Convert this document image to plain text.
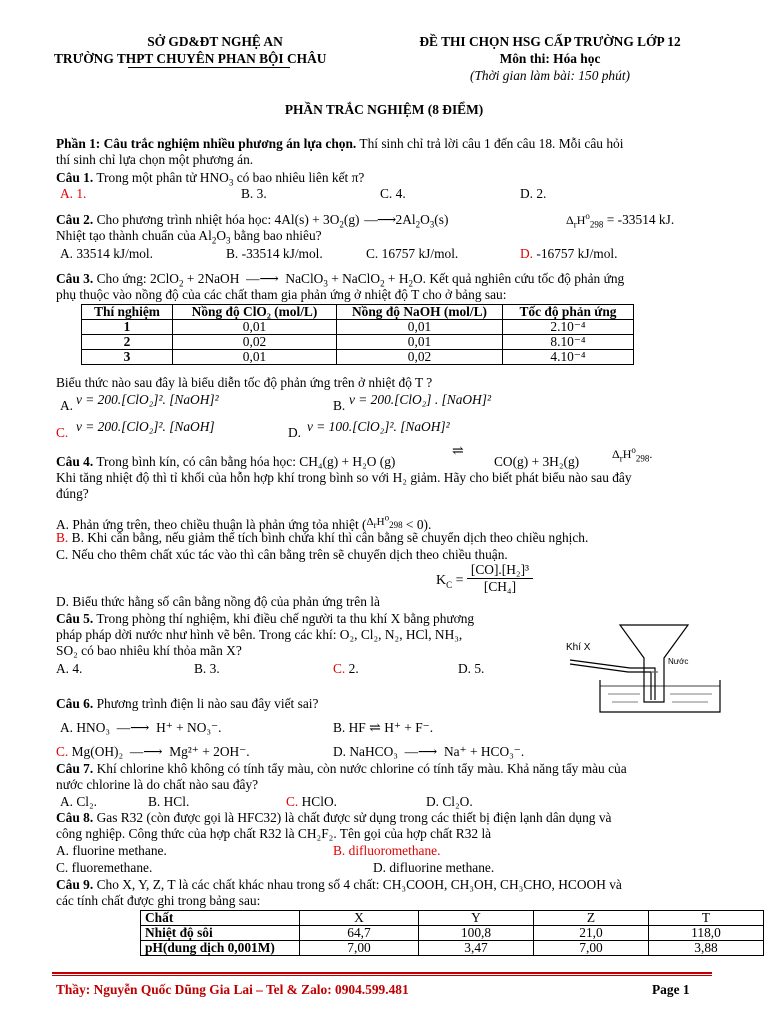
SỞ GD&ĐT NGHỆ AN
TRƯỜNG THPT CHUYÊN PHAN BỘI CHÂU
ĐỀ THI CHỌN HSG CẤP TRƯỜNG LỚP 12
Môn thi: Hóa học
(Thời gian làm bài: 150 phút)
PHẦN TRẮC NGHIỆM (8 ĐIỂM)
Phần 1: Câu trắc nghiệm nhiều phương án lựa chọn. Thí sinh chỉ trả lời câu 1 đến câu 18. Mỗi câu hỏi
thí sinh chỉ lựa chọn một phương án.
Câu 1. Trong một phân tử $HNO_3$ có bao nhiêu liên kết π?
A. 1.	B. 3.	C. 4.	D. 2.
Câu 2. Cho phương trình nhiệt hóa học: $4Al(s) + 3O_2(g)$  — ⟶ $2Al_2O_3(s)$	$\Delta_rH^o_{298} = -33514$ kJ.
Nhiệt tạo thành chuẩn của $Al_2O_3$ bằng bao nhiêu?
A. 33514 kJ/mol.	B. -33514 kJ/mol.	C. 16757 kJ/mol.	D. -16757 kJ/mol.
Câu 3. Cho ứng: 2ClO$_2$ + 2NaOH  —⟶  NaClO$_3$ + NaClO$_2$ + $H_2O$. Kết quả nghiên cứu tốc độ phản ứng
phụ thuộc vào nồng độ của các chất tham gia phản ứng ở nhiệt độ T cho ở bảng sau:
Thí nghiệm	Nồng độ ClO₂ (mol/L)	Nồng độ NaOH (mol/L)	Tốc độ phản ứng
1	0,01	0,01	2.10⁻⁴
2	0,02	0,01	8.10⁻⁴
3	0,01	0,02	4.10⁻⁴
Biểu thức nào sau đây là biểu diễn tốc độ phản ứng trên ở nhiệt độ T ?
A. ν = 200.[ClO₂]². [NaOH]²	B. ν = 200.[ClO₂] . [NaOH]²
C. ν = 200.[ClO₂]². [NaOH]	D. ν = 100.[ClO₂]². [NaOH]²
Câu 4. Trong bình kín, có cân bằng hóa học: CH₄(g) + H₂O (g)
⇌
CO(g) + 3H₂(g)	$\Delta_rH^o_{298}$.
Khi tăng nhiệt độ thì tỉ khối của hỗn hợp khí trong bình so với H₂ giảm. Hãy cho biết phát biểu nào sau đây
đúng?
A. Phản ứng trên, theo chiều thuận là phản ứng tỏa nhiệt ($^{\Delta_rH^o_{298}}$ < 0).
B. B. Khi cân bằng, nếu giảm thể tích bình chứa khí thì cân bằng sẽ chuyển dịch theo chiều nghịch.
C. Nếu cho thêm chất xúc tác vào thì cân bằng trên sẽ chuyển dịch theo chiều thuận.
$K_C = \frac{\text{[CO].[H₂]³}}{\text{[CH₄]}}$
D. Biểu thức hằng số cân bằng nồng độ của phản ứng trên là
Câu 5. Trong phòng thí nghiệm, khi điều chế người ta thu khí X bằng phương
pháp pháp dời nước như hình vẽ bên. Trong các khí: O₂, Cl₂, N₂, HCl, NH₃,
SO₂ có bao nhiêu khí thỏa mãn X?
A. 4.	B. 3.	C. 2.	D. 5.
Khí X
Nước
Câu 6. Phương trình điện li nào sau đây viết sai?
A. HNO₃  —⟶  H⁺ + NO₃⁻.	B. HF ⇌ H⁺ + F⁻.
C. Mg(OH)₂  —⟶  Mg²⁺ + 2OH⁻.	D. NaHCO₃  —⟶  Na⁺ + HCO₃⁻.
Câu 7. Khí chlorine khô không có tính tẩy màu, còn nước chlorine có tính tẩy màu. Khả năng tẩy màu của
nước chlorine là do chất nào sau đây?
A. Cl₂.	B. HCl.	C. HClO.	D. Cl₂O.
Câu 8. Gas R32 (còn được gọi là HFC32) là chất được sử dụng trong các thiết bị điện lạnh dân dụng và
công nghiệp. Công thức của hợp chất R32 là CH₂F₂. Tên gọi của hợp chất R32 là
A. fluorine methane.	B. difluoromethane.
C. fluoremethane.	D. difluorine methane.
Câu 9. Cho X, Y, Z, T là các chất khác nhau trong số 4 chất: CH₃COOH, CH₃OH, CH₃CHO, HCOOH và
các tính chất được ghi trong bảng sau:
Chất	X	Y	Z	T
Nhiệt độ sôi	64,7	100,8	21,0	118,0
pH(dung dịch 0,001M)	7,00	3,47	7,00	3,88
Thầy: Nguyễn Quốc Dũng Gia Lai – Tel & Zalo: 0904.599.481	Page 1
